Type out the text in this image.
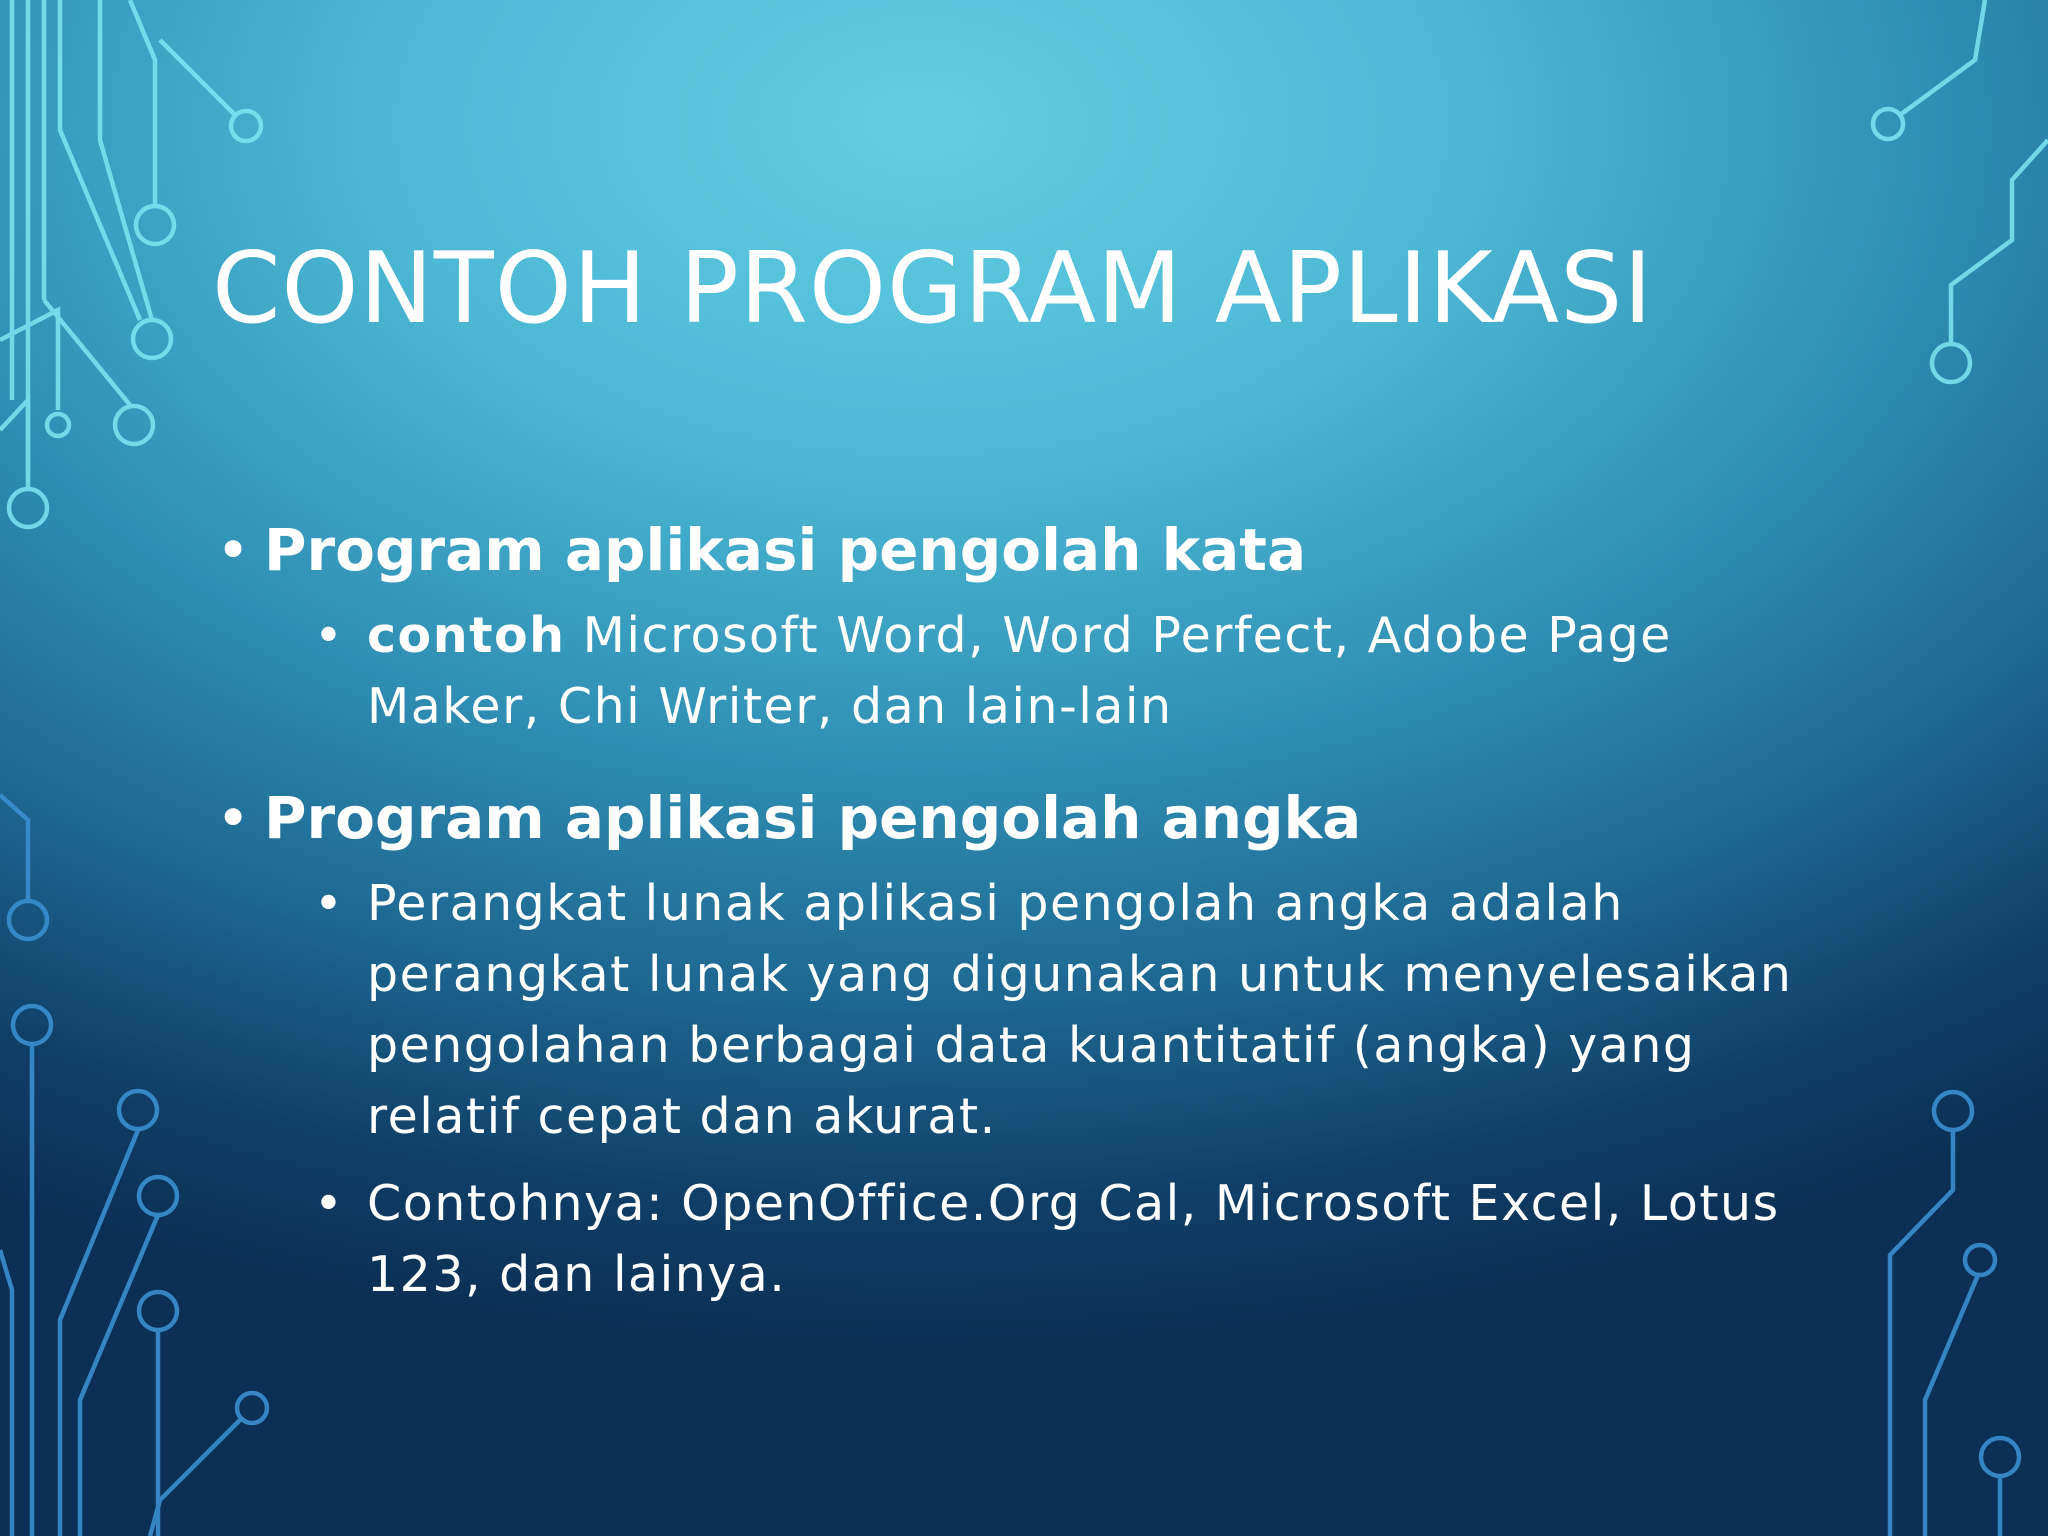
CONTOH PROGRAM APLIKASI
• Program aplikasi pengolah kata
• contoh Microsoft Word, Word Perfect, Adobe Page Maker, Chi Writer, dan lain-lain
• Program aplikasi pengolah angka
• Perangkat lunak aplikasi pengolah angka adalah perangkat lunak yang digunakan untuk menyelesaikan pengolahan berbagai data kuantitatif (angka) yang relatif cepat dan akurat.
• Contohnya: OpenOffice.Org Cal, Microsoft Excel, Lotus 123, dan lainya.
